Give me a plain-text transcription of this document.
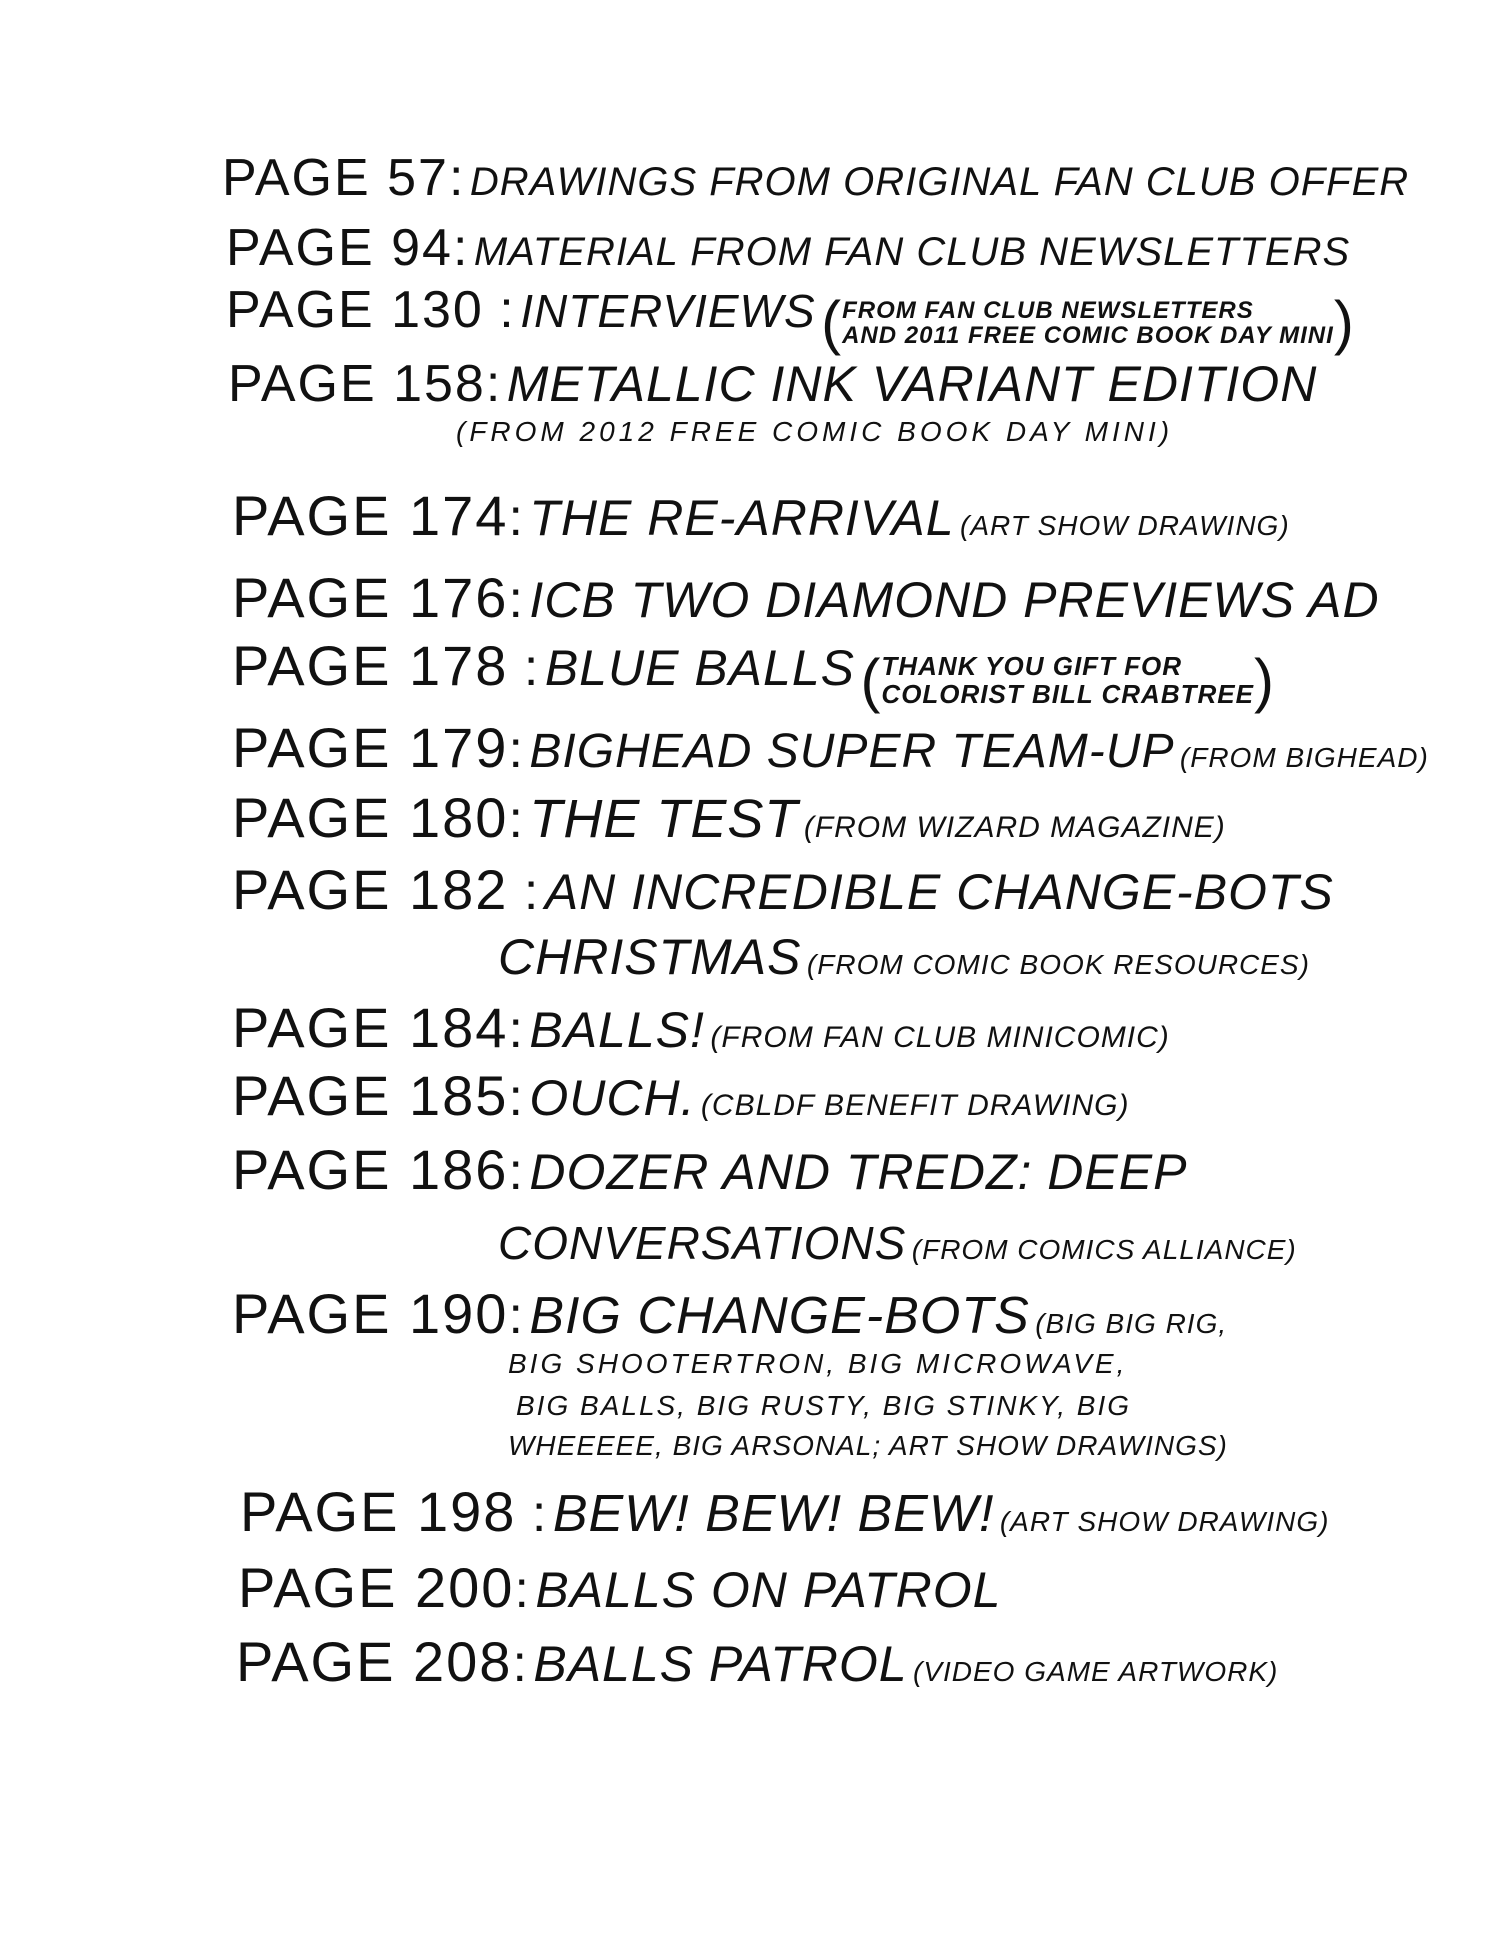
PAGE 57: DRAWINGS FROM ORIGINAL FAN CLUB OFFER
PAGE 94: MATERIAL FROM FAN CLUB NEWSLETTERS
PAGE 130 : INTERVIEWS ( FROM FAN CLUB NEWSLETTERS
AND 2011 FREE COMIC BOOK DAY MINI )
PAGE 158: METALLIC INK VARIANT EDITION
(FROM 2012 FREE COMIC BOOK DAY MINI)
PAGE 174: THE RE-ARRIVAL (ART SHOW DRAWING)
PAGE 176: ICB TWO DIAMOND PREVIEWS AD
PAGE 178 : BLUE BALLS ( THANK YOU GIFT FOR
COLORIST BILL CRABTREE )
PAGE 179: BIGHEAD SUPER TEAM-UP (FROM BIGHEAD)
PAGE 180: THE TEST (FROM WIZARD MAGAZINE)
PAGE 182 : AN INCREDIBLE CHANGE-BOTS
CHRISTMAS (FROM COMIC BOOK RESOURCES)
PAGE 184: BALLS! (FROM FAN CLUB MINICOMIC)
PAGE 185: OUCH. (CBLDF BENEFIT DRAWING)
PAGE 186: DOZER AND TREDZ: DEEP
CONVERSATIONS (FROM COMICS ALLIANCE)
PAGE 190: BIG CHANGE-BOTS (BIG BIG RIG,
BIG SHOOTERTRON, BIG MICROWAVE,
BIG BALLS, BIG RUSTY, BIG STINKY, BIG
WHEEEEE, BIG ARSONAL; ART SHOW DRAWINGS)
PAGE 198 : BEW! BEW! BEW! (ART SHOW DRAWING)
PAGE 200: BALLS ON PATROL
PAGE 208: BALLS PATROL (VIDEO GAME ARTWORK)
